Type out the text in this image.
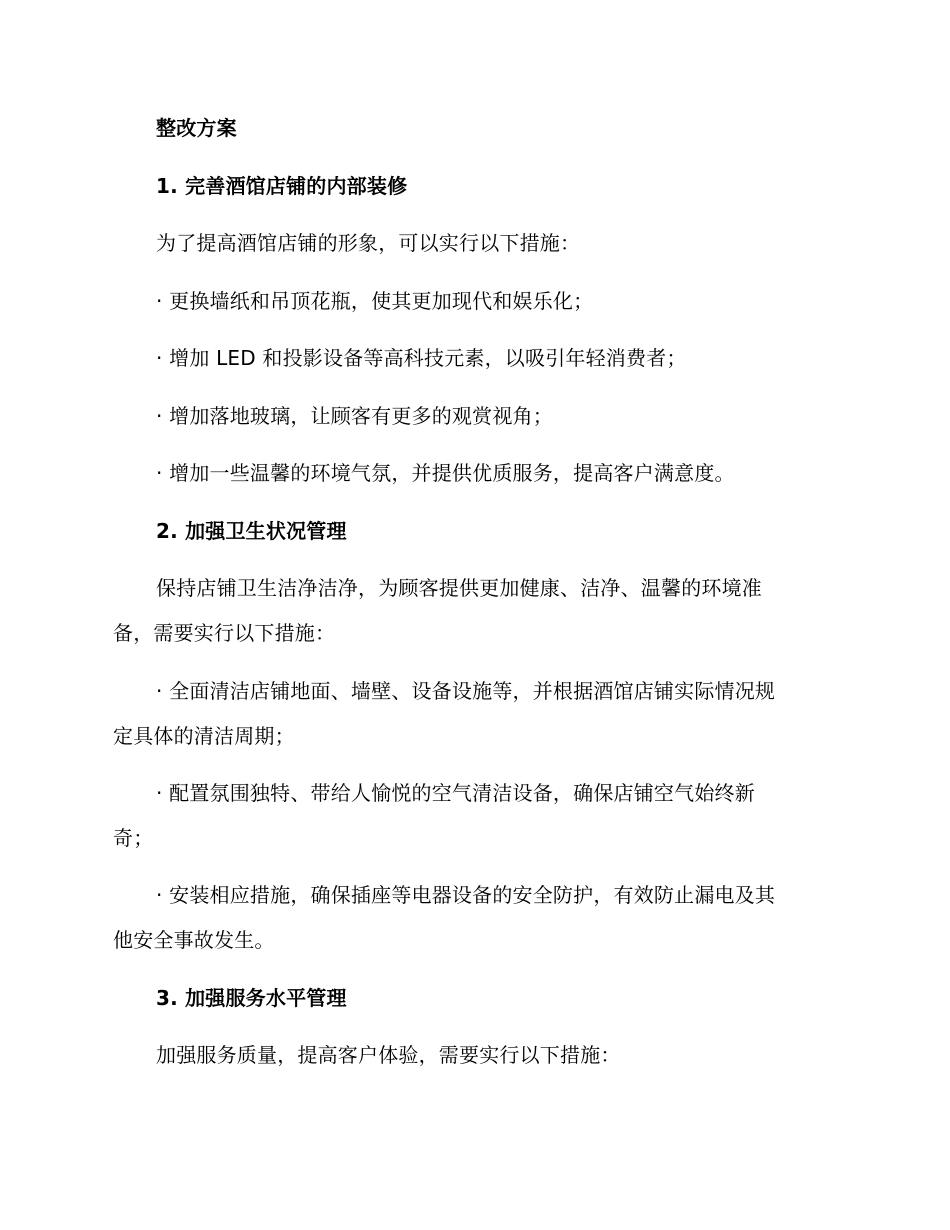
整改方案
1. 完善酒馆店铺的内部装修
为了提高酒馆店铺的形象，可以实行以下措施：
· 更换墙纸和吊顶花瓶，使其更加现代和娱乐化；
· 增加 LED 和投影设备等高科技元素，以吸引年轻消费者；
· 增加落地玻璃，让顾客有更多的观赏视角；
· 增加一些温馨的环境气氛，并提供优质服务，提高客户满意度。
2. 加强卫生状况管理
保持店铺卫生洁净洁净，为顾客提供更加健康、洁净、温馨的环境准
备，需要实行以下措施：
· 全面清洁店铺地面、墙壁、设备设施等，并根据酒馆店铺实际情况规
定具体的清洁周期；
· 配置氛围独特、带给人愉悦的空气清洁设备，确保店铺空气始终新
奇；
· 安装相应措施，确保插座等电器设备的安全防护，有效防止漏电及其
他安全事故发生。
3. 加强服务水平管理
加强服务质量，提高客户体验，需要实行以下措施：
